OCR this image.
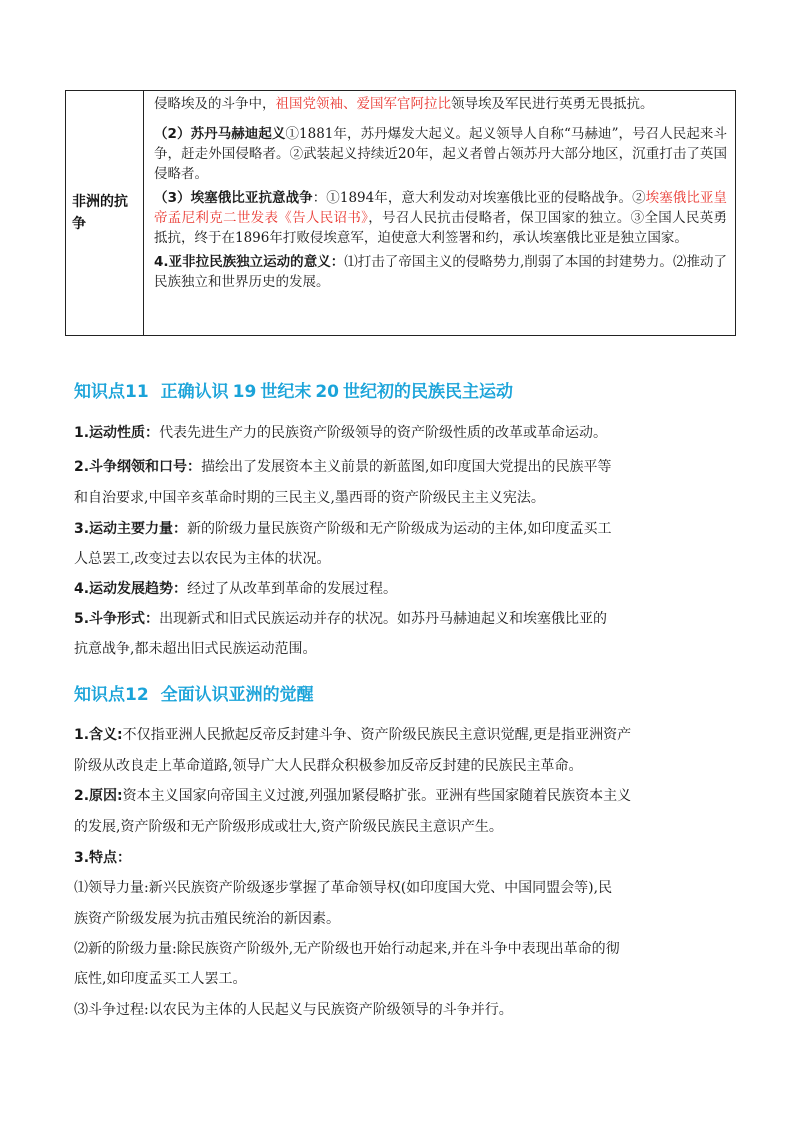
非洲的抗争

侵略埃及的斗争中，祖国党领袖、爱国军官阿拉比领导埃及军民进行英勇无畏抵抗。

（2）苏丹马赫迪起义①1881年，苏丹爆发大起义。起义领导人自称“马赫迪”，号召人民起来斗争，赶走外国侵略者。②武装起义持续近20年，起义者曾占领苏丹大部分地区，沉重打击了英国侵略者。

（3）埃塞俄比亚抗意战争：①1894年，意大利发动对埃塞俄比亚的侵略战争。②埃塞俄比亚皇帝孟尼利克二世发表《告人民诏书》，号召人民抗击侵略者，保卫国家的独立。③全国人民英勇抵抗，终于在1896年打败侵埃意军，迫使意大利签署和约，承认埃塞俄比亚是独立国家。

4.亚非拉民族独立运动的意义：⑴打击了帝国主义的侵略势力,削弱了本国的封建势力。⑵推动了民族独立和世界历史的发展。

知识点11 正确认识 19 世纪末 20 世纪初的民族民主运动

1.运动性质：代表先进生产力的民族资产阶级领导的资产阶级性质的改革或革命运动。

2.斗争纲领和口号：描绘出了发展资本主义前景的新蓝图,如印度国大党提出的民族平等

和自治要求,中国辛亥革命时期的三民主义,墨西哥的资产阶级民主主义宪法。

3.运动主要力量：新的阶级力量民族资产阶级和无产阶级成为运动的主体,如印度孟买工

人总罢工,改变过去以农民为主体的状况。

4.运动发展趋势：经过了从改革到革命的发展过程。

5.斗争形式：出现新式和旧式民族运动并存的状况。如苏丹马赫迪起义和埃塞俄比亚的

抗意战争,都未超出旧式民族运动范围。

知识点12 全面认识亚洲的觉醒

1.含义:不仅指亚洲人民掀起反帝反封建斗争、资产阶级民族民主意识觉醒,更是指亚洲资产

阶级从改良走上革命道路,领导广大人民群众积极参加反帝反封建的民族民主革命。

2.原因:资本主义国家向帝国主义过渡,列强加紧侵略扩张。亚洲有些国家随着民族资本主义

的发展,资产阶级和无产阶级形成或壮大,资产阶级民族民主意识产生。

3.特点：

⑴领导力量:新兴民族资产阶级逐步掌握了革命领导权(如印度国大党、中国同盟会等),民

族资产阶级发展为抗击殖民统治的新因素。

⑵新的阶级力量:除民族资产阶级外,无产阶级也开始行动起来,并在斗争中表现出革命的彻

底性,如印度孟买工人罢工。

⑶斗争过程:以农民为主体的人民起义与民族资产阶级领导的斗争并行。
